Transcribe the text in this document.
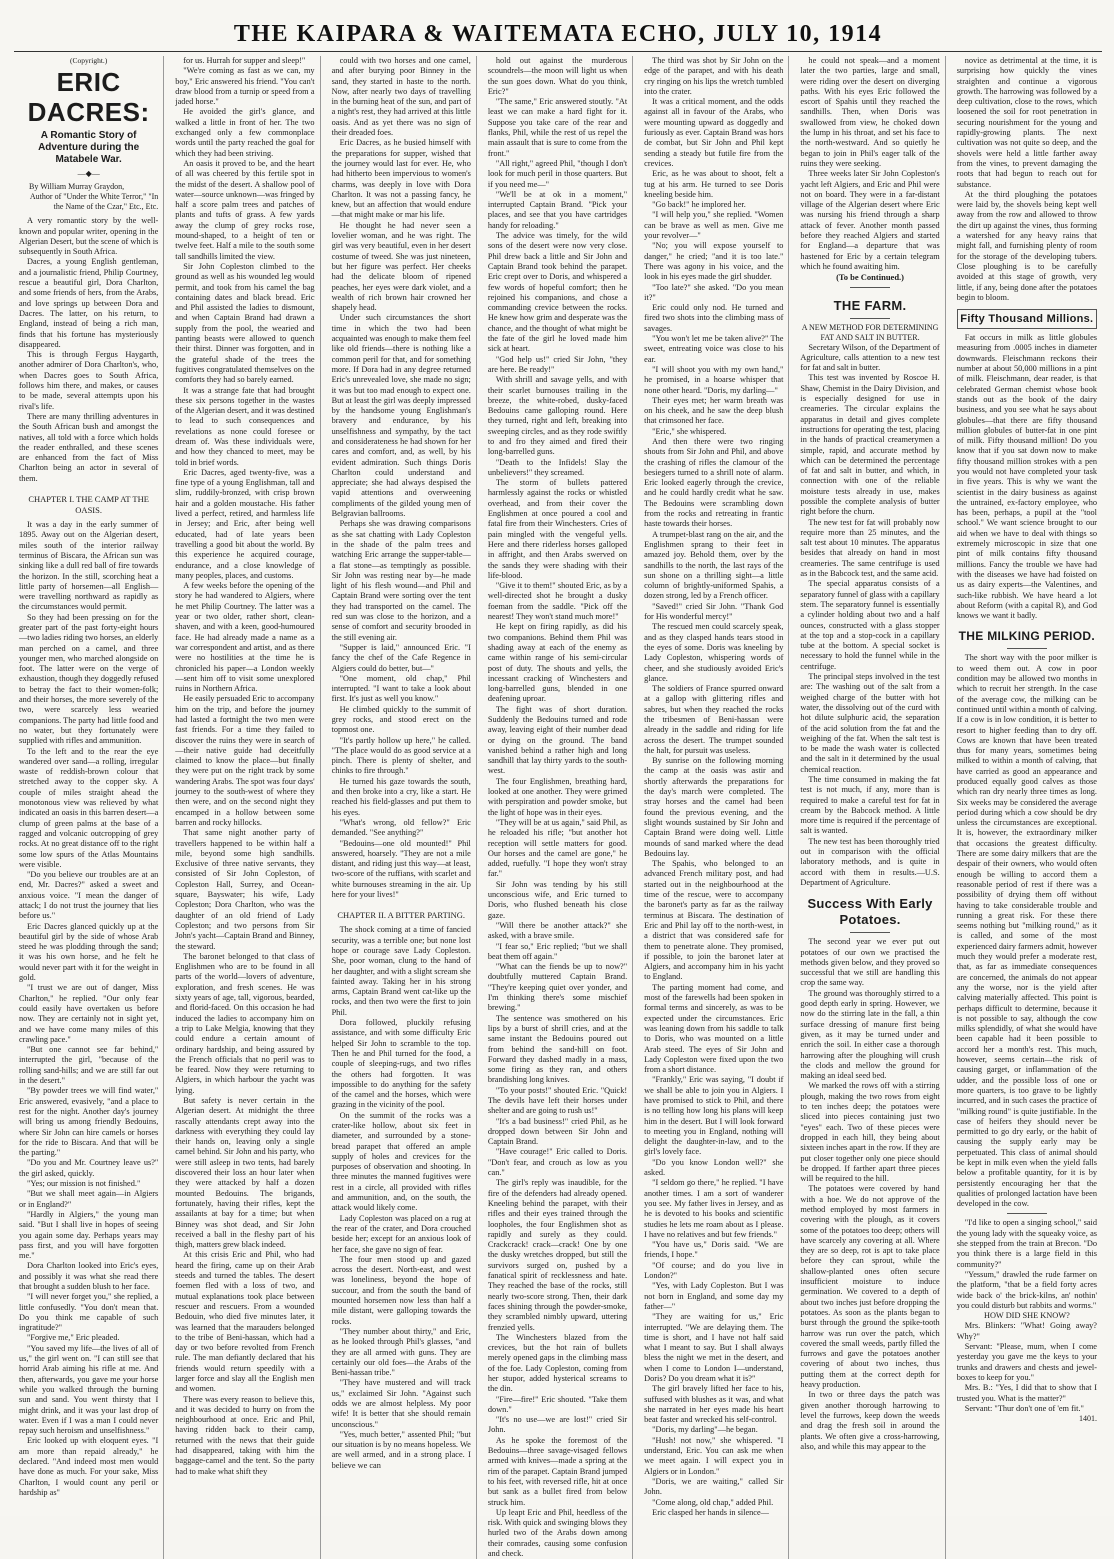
THE KAIPARA & WAITEMATA ECHO, JULY 10, 1914

(Copyright.)

ERIC DACRES:
A Romantic Story of Adventure during the Matabele War.
―◆―
By William Murray Graydon,
Author of "Under the White Terror," "In the Name of the Czar," Etc., Etc.

A very romantic story by the well-known and popular writer, opening in the Algerian Desert, but the scene of which is subsequently in South Africa.

Dacres, a young English gentleman, and a journalistic friend, Philip Courtney, rescue a beautiful girl, Dora Charlton, and some friends of hers, from the Arabs, and love springs up between Dora and Dacres. The latter, on his return, to England, instead of being a rich man, finds that his fortune has mysteriously disappeared.

This is through Fergus Haygarth, another admirer of Dora Charlton's, who, when Dacres goes to South Africa, follows him there, and makes, or causes to be made, several attempts upon his rival's life.

There are many thrilling adventures in the South African bush and amongst the natives, all told with a force which holds the reader enthralled, and these scenes are enhanced from the fact of Miss Charlton being an actor in several of them.

CHAPTER I. THE CAMP AT THE OASIS.

It was a day in the early summer of 1895. Away out on the Algerian desert, miles south of the interior railway terminus of Biscara, the African sun was sinking like a dull red ball of fire towards the horizon. In the still, scorching heat a little party of horsemen—all English—were travelling northward as rapidly as the circumstances would permit.

So they had been pressing on for the greater part of the past forty-eight hours—two ladies riding two horses, an elderly man perched on a camel, and three younger men, who marched alongside on foot. The latter were on the verge of exhaustion, though they doggedly refused to betray the fact to their women-folk; and their horses, the more severely of the two, were scarcely less wearied companions. The party had little food and no water, but they fortunately were supplied with rifles and ammunition.

To the left and to the rear the eye wandered over sand—a rolling, irregular waste of reddish-brown colour that stretched away to the copper sky. A couple of miles straight ahead the monotonous view was relieved by what indicated an oasis in this barren desert—a clump of green palms at the base of a ragged and volcanic outcropping of grey rocks. At no great distance off to the right some low spurs of the Atlas Mountains were visible.

"Do you believe our troubles are at an end, Mr. Dacres?" asked a sweet and anxious voice. "I mean the danger of attack; I do not trust the journey that lies before us."

Eric Dacres glanced quickly up at the beautiful girl by the side of whose Arab steed he was plodding through the sand; it was his own horse, and he felt he would never part with it for the weight in gold.

"I trust we are out of danger, Miss Charlton," he replied. "Our only fear could easily have overtaken us before now. They are certainly not in sight yet, and we have come many miles of this crawling pace."

"But one cannot see far behind," interrupted the girl, "because of the rolling sand-hills; and we are still far out in the desert."

"By powder trees we will find water," Eric answered, evasively, "and a place to rest for the night. Another day's journey will bring us among friendly Bedouins, where Sir John can hire camels or horses for the ride to Biscara. And that will be the parting."

"Do you and Mr. Courtney leave us?" the girl asked, quickly.

"Yes; our mission is not finished."

"But we shall meet again—in Algiers or in England?"

"Hardly in Algiers," the young man said. "But I shall live in hopes of seeing you again some day. Perhaps years may pass first, and you will have forgotten me."

Dora Charlton looked into Eric's eyes, and possibly it was what she read there that brought a sudden blush to her face.

"I will never forget you," she replied, a little confusedly. "You don't mean that. Do you think me capable of such ingratitude?"

"Forgive me," Eric pleaded.

"You saved my life—the lives of all of us," the girl went on. "I can still see that horrid Arab aiming his rifle at me. And then, afterwards, you gave me your horse while you walked through the burning sun and sand. You went thirsty that I might drink, and it was your last drop of water. Even if I was a man I could never repay such heroism and unselfishness."

Eric looked up with eloquent eyes. "I am more than repaid already," he declared. "And indeed most men would have done as much. For your sake, Miss Charlton, I would count any peril or hardship as"

for us. Hurrah for supper and sleep!"

"We're coming as fast as we can, my boy," Eric answered his friend. "You can't draw blood from a turnip or speed from a jaded horse."

He avoided the girl's glance, and walked a little in front of her. The two exchanged only a few commonplace words until the party reached the goal for which they had been striving.

An oasis it proved to be, and the heart of all was cheered by this fertile spot in the midst of the desert. A shallow pool of water—source unknown—was fringed by half a score palm trees and patches of plants and tufts of grass. A few yards away the clump of grey rocks rose, mound-shaped, to a height of ten or twelve feet. Half a mile to the south some tall sandhills limited the view.

Sir John Copleston climbed to the ground as well as his wounded leg would permit, and took from his camel the bag containing dates and black bread. Eric and Phil assisted the ladies to dismount, and when Captain Brand had drawn a supply from the pool, the wearied and panting beasts were allowed to quench their thirst. Dinner was forgotten, and in the grateful shade of the trees the fugitives congratulated themselves on the comforts they had so barely earned.

It was a strange fate that had brought these six persons together in the wastes of the Algerian desert, and it was destined to lead to such consequences and revelations as none could foresee or dream of. Was these individuals were, and how they chanced to meet, may be told in brief words.

Eric Dacres, aged twenty-five, was a fine type of a young Englishman, tall and slim, ruddily-bronzed, with crisp brown hair and a golden moustache. His father lived a perfect, retired, and harmless life in Jersey; and Eric, after being well educated, had of late years been travelling a good bit about the world. By this experience he acquired courage, endurance, and a close knowledge of many peoples, places, and customs.

A few weeks before the opening of the story he had wandered to Algiers, where he met Philip Courtney. The latter was a year or two older, rather short, clean-shaven, and with a keen, good-humoured face. He had already made a name as a war correspondent and artist, and as there were no hostilities at the time he is chronicled his paper—a London weekly—sent him off to visit some unexplored ruins in Northern Africa.

He easily persuaded Eric to accompany him on the trip, and before the journey had lasted a fortnight the two men were fast friends. For a time they failed to discover the ruins they were in search of—their native guide had deceitfully claimed to know the place—but finally they were put on the right track by some wandering Arabs. The spot was four days' journey to the south-west of where they then were, and on the second night they encamped in a hollow between some barren and rocky hillocks.

That same night another party of travellers happened to be within half a mile, beyond some high sandhills. Exclusive of three native servants, they consisted of Sir John Copleston, of Copleston Hall, Surrey, and Ocean-square, Bayswater; his wife, Lady Copleston; Dora Charlton, who was the daughter of an old friend of Lady Copleston; and two persons from Sir John's yacht—Captain Brand and Binney, the steward.

The baronet belonged to that class of Englishmen who are to be found in all parts of the world—lovers of adventure, exploration, and fresh scenes. He was sixty years of age, tall, vigorous, bearded, and florid-faced. On this occasion he had induced the ladies to accompany him on a trip to Lake Melgia, knowing that they could endure a certain amount of ordinary hardship, and being assured by the French officials that no peril was to be feared. Now they were returning to Algiers, in which harbour the yacht was lying.

But safety is never certain in the Algerian desert. At midnight the three rascally attendants crept away into the darkness with everything they could lay their hands on, leaving only a single camel behind. Sir John and his party, who were still asleep in two tents, had barely discovered their loss an hour later when they were attacked by half a dozen mounted Bedouins. The brigands, fortunately, having their rifles, kept the assailants at bay for a time; but when Binney was shot dead, and Sir John received a ball in the fleshy part of his thigh, matters grew black indeed.

At this crisis Eric and Phil, who had heard the firing, came up on their Arab steeds and turned the tables. The desert foemen fled with a loss of two, and mutual explanations took place between rescuer and rescuers. From a wounded Bedouin, who died five minutes later, it was learned that the marauders belonged to the tribe of Beni-hassan, which had a day or two before revolted from French rule. The man defiantly declared that his friends would return speedily with a larger force and slay all the English men and women.

There was every reason to believe this, and it was decided to hurry on from the neighbourhood at once. Eric and Phil, having ridden back to their camp, returned with the news that their guide had disappeared, taking with him the baggage-camel and the tent. So the party had to make what shift they

could with two horses and one camel, and after burying poor Binney in the sand, they started in haste to the north. Now, after nearly two days of travelling in the burning heat of the sun, and part of a night's rest, they had arrived at this little oasis. And as yet there was no sign of their dreaded foes.

Eric Dacres, as he busied himself with the preparations for supper, wished that the journey would last for ever. He, who had hitherto been impervious to women's charms, was deeply in love with Dora Charlton. It was not a passing fancy, he knew, but an affection that would endure—that might make or mar his life.

He thought he had never seen a lovelier woman, and he was right. The girl was very beautiful, even in her desert costume of tweed. She was just nineteen, but her figure was perfect. Her cheeks had the delicate bloom of ripened peaches, her eyes were dark violet, and a wealth of rich brown hair crowned her shapely head.

Under such circumstances the short time in which the two had been acquainted was enough to make them feel like old friends—there is nothing like a common peril for that, and for something more. If Dora had in any degree returned Eric's unrevealed love, she made no sign; it was but too mad enough to expect one. But at least the girl was deeply impressed by the handsome young Englishman's bravery and endurance, by his unselfishness and sympathy, by the tact and considerateness he had shown for her cares and comfort, and, as well, by his evident admiration. Such things Doris Charlton could understand and appreciate; she had always despised the vapid attentions and overweening compliments of the gilded young men of Belgravian ballrooms.

Perhaps she was drawing comparisons as she sat chatting with Lady Copleston in the shade of the palm trees and watching Eric arrange the supper-table—a flat stone—as temptingly as possible. Sir John was resting near by—he made light of his flesh wound—and Phil and Captain Brand were sorting over the tent they had transported on the camel. The red sun was close to the horizon, and a sense of comfort and security brooded in the still evening air.

"Supper is laid," announced Eric. "I fancy the chef of the Cafe Regence in Algiers could do better, but—"

"One moment, old chap," Phil interrupted. "I want to take a look about first. It's just as well you know."

He climbed quickly to the summit of grey rocks, and stood erect on the topmost one.

"It's partly hollow up here," he called. "The place would do as good service at a pinch. There is plenty of shelter, and chinks to fire through."

He turned his gaze towards the south, and then broke into a cry, like a start. He reached his field-glasses and put them to his eyes.

"What's wrong, old fellow?" Eric demanded. "See anything?"

"Bedouins—one old mounted!" Phil answered, hoarsely. "They are not a mile distant, and riding just this way—at least, two-score of the ruffians, with scarlet and white burnouses streaming in the air. Up here for your lives!"

CHAPTER II. A BITTER PARTING.

The shock coming at a time of fancied security, was a terrible one; but none lost hope or courage save Lady Copleston. She, poor woman, clung to the hand of her daughter, and with a slight scream she fainted away. Taking her in his strong arms, Captain Brand went cat-like up the rocks, and then two were the first to join Phil.

Dora followed, pluckily refusing assistance, and with some difficulty Eric helped Sir John to scramble to the top. Then he and Phil turned for the food, a couple of sleeping-rugs, and two rifles the others had forgotten. It was impossible to do anything for the safety of the camel and the horses, which were grazing in the vicinity of the pool.

On the summit of the rocks was a crater-like hollow, about six feet in diameter, and surrounded by a stone-bread parapet that offered an ample supply of holes and crevices for the purposes of observation and shooting. In three minutes the manned fugitives were rest in a circle, all provided with rifles and ammunition, and, on the south, the attack would likely come.

Lady Copleston was placed on a rug at the rear of the crater, and Dora crouched beside her; except for an anxious look of her face, she gave no sign of fear.

The four men stood up and gazed across the desert. North-east, and west was loneliness, beyond the hope of succour, and from the south the band of mounted horsemen now less than half a mile distant, were galloping towards the rocks.

"They number about thirty," and Eric, as he looked through Phil's glasses, "and they are all armed with guns. They are certainly our old foes—the Arabs of the Beni-hassan tribe."

"They have mustered and will track us," exclaimed Sir John. "Against such odds we are almost helpless. My poor wife! It is better that she should remain unconscious."

"Yes, much better," assented Phil; "but our situation is by no means hopeless. We are well armed, and in a strong place. I believe we can

hold out against the murderous scoundrels—the moon will light us when the sun goes down. What do you think, Eric?"

"The same," Eric answered stoutly. "At least we can make a hard fight for it. Suppose you take care of the rear and flanks, Phil, while the rest of us repel the main assault that is sure to come from the front."

"All right," agreed Phil, "though I don't look for much peril in those quarters. But if you need me—"

"We'll be at ok in a moment," interrupted Captain Brand. "Pick your places, and see that you have cartridges handy for reloading."

The advice was timely, for the wild sons of the desert were now very close. Phil drew back a little and Sir John and Captain Brand took behind the parapet. Eric crept over to Doris, and whispered a few words of hopeful comfort; then he rejoined his companions, and chose a commanding crevice between the rocks. He knew how grim and desperate was the chance, and the thought of what might be the fate of the girl he loved made him sick at heart.

"God help us!" cried Sir John, "they are here. Be ready!"

With shrill and savage yells, and with their scarlet burnouses trailing in the breeze, the white-robed, dusky-faced Bedouins came galloping round. Here they turned, right and left, breaking into sweeping circles, and as they rode swiftly to and fro they aimed and fired their long-barrelled guns.

"Death to the Infidels! Slay the unbelievers!" they screamed.

The storm of bullets pattered harmlessly against the rocks or whistled overhead, and from their cover the Englishmen at once poured a cool and fatal fire from their Winchesters. Cries of pain mingled with the vengeful yells. Here and there riderless horses galloped in affright, and then Arabs swerved on the sands they were shading with their life-blood.

"Give it to them!" shouted Eric, as by a well-directed shot he brought a dusky foeman from the saddle. "Pick off the nearest! They won't stand much more!"

He kept on firing rapidly, as did his two companions. Behind them Phil was shading away at each of the enemy as came within range of his semi-circular post of duty. The shouts and yells, the incessant cracking of Winchesters and long-barrelled guns, blended in one deafening uproar.

The fight was of short duration. Suddenly the Bedouins turned and rode away, leaving eight of their number dead or dying on the ground. The band vanished behind a rather high and long sandhill that lay thirty yards to the south-west.

The four Englishmen, breathing hard, looked at one another. They were grimed with perspiration and powder smoke, but the light of hope was in their eyes.

"They will be at us again," said Phil, as he reloaded his rifle; "but another hot reception will settle matters for good. Our horses and the camel are gone," he added, ruefully. "I hope they won't stray far."

Sir John was tending by his still unconscious wife, and Eric turned to Doris, who flushed beneath his close gaze.

"Will there be another attack?" she asked, with a brave smile.

"I fear so," Eric replied; "but we shall beat them off again."

"What can the fiends be up to now?" doubtfully muttered Captain Brand. "They're keeping quiet over yonder, and I'm thinking there's some mischief brewing."

The sentence was smothered on his lips by a burst of shrill cries, and at the same instant the Bedouins poured out from behind the sand-hill on foot. Forward they dashed madly in a mass, some firing as they ran, and others brandishing long knives.

"To your posts!" shouted Eric. "Quick! The devils have left their horses under shelter and are going to rush us!"

"It's a bad business!" cried Phil, as he dropped down between Sir John and Captain Brand.

"Have courage!" Eric called to Doris. "Don't fear, and crouch as low as you can."

The girl's reply was inaudible, for the fire of the defenders had already opened. Kneeling behind the parapet, with their rifles and their eyes trained through the loopholes, the four Englishmen shot as rapidly and surely as they could. Crackcrack! crack—crack! One by one the dusky wretches dropped, but still the survivors surged on, pushed by a fanatical spirit of recklessness and hate. They reached the base of the rocks, still nearly two-score strong. Then, their dark faces shining through the powder-smoke, they scrambled nimbly upward, uttering frenzied yells.

The Winchesters blazed from the crevices, but the hot rain of bullets merely opened gaps in the climbing mass of the foe. Lady Copleston, coming from her stupor, added hysterical screams to the din.

"Fire—fire!" Eric shouted. "Take them down."

"It's no use—we are lost!" cried Sir John.

As he spoke the foremost of the Bedouins—three savage-visaged fellows armed with knives—made a spring at the rim of the parapet. Captain Brand jumped to his feet, with reversed rifle, hit at once but sank as a bullet fired from below struck him.

Up leapt Eric and Phil, heedless of the risk. With quick and swinging blows they hurled two of the Arabs down among their comrades, causing some confusion and check.

The third was shot by Sir John on the edge of the parapet, and with his death cry ringing on his lips the wretch tumbled into the crater.

It was a critical moment, and the odds against all in favour of the Arabs, who were mounting upward as doggedly and furiously as ever. Captain Brand was hors de combat, but Sir John and Phil kept sending a steady but futile fire from the crevices.

Eric, as he was about to shoot, felt a tug at his arm. He turned to see Doris kneeling beside him.

"Go back!" he implored her.

"I will help you," she replied. "Women can be brave as well as men. Give me your revolver—"

"No; you will expose yourself to danger," he cried; "and it is too late." There was agony in his voice, and the look in his eyes made the girl shudder.

"Too late?" she asked. "Do you mean it?"

Eric could only nod. He turned and fired two shots into the climbing mass of savages.

"You won't let me be taken alive?" The sweet, entreating voice was close to his ear.

"I will shoot you with my own hand," he promised, in a hoarse whisper that none other heard. "Doris, my darling—"

Their eyes met; her warm breath was on his cheek, and he saw the deep blush that crimsoned her face.

"Eric," she whispered.

And then there were two ringing shouts from Sir John and Phil, and above the crashing of rifles the clamour of the besiegers turned to a shrill note of alarm. Eric looked eagerly through the crevice, and he could hardly credit what he saw. The Bedouins were scrambling down from the rocks and retreating in frantic haste towards their horses.

A trumpet-blast rang on the air, and the Englishmen sprang to their feet in amazed joy. Behold them, over by the sandhills to the north, the last rays of the sun shone on a thrilling sight—a little column of brightly-uniformed Spahis, a dozen strong, led by a French officer.

"Saved!" cried Sir John. "Thank God for His wonderful mercy!"

The rescued men could scarcely speak, and as they clasped hands tears stood in the eyes of some. Doris was kneeling by Lady Copleston, whispering words of cheer, and she studiously avoided Eric's glance.

The soldiers of France spurred onward at a gallop with glittering rifles and sabres, but when they reached the rocks the tribesmen of Beni-hassan were already in the saddle and riding for life across the desert. The trumpet sounded the halt, for pursuit was useless.

By sunrise on the following morning the camp at the oasis was astir and shortly afterwards the preparations for the day's march were completed. The stray horses and the camel had been found the previous evening, and the slight wounds sustained by Sir John and Captain Brand were doing well. Little mounds of sand marked where the dead Bedouins lay.

The Spahis, who belonged to an advanced French military post, and had started out in the neighbourhood at the time of the rescue, were to accompany the baronet's party as far as the railway terminus at Biscara. The destination of Eric and Phil lay off to the north-west, in a district that was considered safe for them to penetrate alone. They promised, if possible, to join the baronet later at Algiers, and accompany him in his yacht to England.

The parting moment had come, and most of the farewells had been spoken in formal terms and sincerely, as was to be expected under the circumstances. Eric was leaning down from his saddle to talk to Doris, who was mounted on a little Arab steed. The eyes of Sir John and Lady Copleston were fixed upon the two from a short distance.

"Frankly," Eric was saying, "I doubt if we shall be able to join you in Algiers. I have promised to stick to Phil, and there is no telling how long his plans will keep him in the desert. But I will look forward to meeting you in England, nothing will delight the daughter-in-law, and to the girl's lovely face.

"Do you know London well?" she asked.

"I seldom go there," he replied. "I have another times. I am a sort of wanderer you see. My father lives in Jersey, and as he is devoted to his books and scientific studies he lets me roam about as I please. I have no relatives and but few friends."

"You have us," Doris said. "We are friends, I hope."

"Of course; and do you live in London?"

"Yes, with Lady Copleston. But I was not born in England, and some day my father—"

"They are waiting for us," Eric interrupted. "We are delaying them. The time is short, and I have not half said what I meant to say. But I shall always bless the night we met in the desert, and when I come to London I—understand, Doris? Do you dream what it is?"

The girl bravely lifted her face to his, suffused with blushes as it was, and what she narrated in her eyes made his heart beat faster and wrecked his self-control.

"Doris, my darling"—he began.

"Hush! not now," she whispered. "I understand, Eric. You can ask me when we meet again. I will expect you in Algiers or in London."

"Doris, we are waiting," called Sir John.

"Come along, old chap," added Phil.

Eric clasped her hands in silence—

he could not speak—and a moment later the two parties, large and small, were riding over the desert on diverging paths. With his eyes Eric followed the escort of Spahis until they reached the sandhills. Then, when Doris was swallowed from view, he choked down the lump in his throat, and set his face to the north-westward. And so quietly he began to join in Phil's eager talk of the ruins they were seeking.

Three weeks later Sir John Copleston's yacht left Algiers, and Eric and Phil were not on board. They were in a far-distant village of the Algerian desert where Eric was nursing his friend through a sharp attack of fever. Another month passed before they reached Algiers and started for England—a departure that was hastened for Eric by a certain telegram which he found awaiting him.

(To be Continued.)

THE FARM.

A NEW METHOD FOR DETERMINING FAT AND SALT IN BUTTER.

Secretary Wilson, of the Department of Agriculture, calls attention to a new test for fat and salt in butter.

This test was invented by Roscoe H. Shaw, Chemist in the Dairy Division, and is especially designed for use in creameries. The circular explains the apparatus in detail and gives complete instructions for operating the test, placing in the hands of practical creamerymen a simple, rapid, and accurate method by which can be determined the percentage of fat and salt in butter, and which, in connection with one of the reliable moisture tests already in use, makes possible the complete analysis of butter right before the churn.

The new test for fat will probably now require more than 25 minutes, and the salt test about 10 minutes. The apparatus besides that already on hand in most creameries. The same centrifuge is used as in the Babcock test, and the same acid.

The special apparatus consists of a separatory funnel of glass with a capillary stem. The separatory funnel is essentially a cylinder holding about two and a half ounces, constructed with a glass stopper at the top and a stop-cock in a capillary tube at the bottom. A special socket is necessary to hold the funnel while in the centrifuge.

The principal steps involved in the test are: The washing out of the salt from a weighed charge of the butter with hot water, the dissolving out of the curd with hot dilute sulphuric acid, the separation of the acid solution from the fat and the weighing of the fat. When the salt test is to be made the wash water is collected and the salt in it determined by the usual chemical reaction.

The time consumed in making the fat test is not much, if any, more than is required to make a careful test for fat in cream by the Babcock method. A little more time is required if the percentage of salt is wanted.

The new test has been thoroughly tried out in comparison with the official laboratory methods, and is quite in accord with them in results.—U.S. Department of Agriculture.

Success With Early Potatoes.

The second year we ever put out potatoes of our own we practised the methods given below, and they proved so successful that we still are handling this crop the same way.

The ground was thoroughly stirred to a good depth early in spring. However, we now do the stirring late in the fall, a thin surface dressing of manure first being given, as it may be turned under and enrich the soil. In either case a thorough harrowing after the ploughing will crush the clods and mellow the ground for making an ideal seed bed.

We marked the rows off with a stirring plough, making the two rows from eight to ten inches deep; the potatoes were sliced into pieces containing just two "eyes" each. Two of these pieces were dropped in each hill, they being about sixteen inches apart in the row. If they are put closer together only one piece should be dropped. If farther apart three pieces will be required to the hill.

The potatoes were covered by hand with a hoe. We do not approve of the method employed by most farmers in covering with the plough, as it covers some of the potatoes too deep; others will have scarcely any covering at all. Where they are so deep, rot is apt to take place before they can sprout, while the shallow-planted ones often secure insufficient moisture to induce germination. We covered to a depth of about two inches just before dropping the potatoes. As soon as the plants began to burst through the ground the spike-tooth harrow was run over the patch, which covered the small weeds, partly filled the furrows and gave the potatoes another covering of about two inches, thus putting them at the correct depth for heavy production.

In two or three days the patch was given another thorough harrowing to level the furrows, keep down the weeds and drag the fresh soil in around the plants. We often give a cross-harrowing, also, and while this may appear to the

novice as detrimental at the time, it is surprising how quickly the vines straighten and continue a vigorous growth. The harrowing was followed by a deep cultivation, close to the rows, which loosened the soil for root penetration in securing nourishment for the young and rapidly-growing plants. The next cultivation was not quite so deep, and the shovels were held a little farther away from the vines, to prevent damaging the roots that had begun to reach out for substance.

At the third ploughing the potatoes were laid by, the shovels being kept well away from the row and allowed to throw the dirt up against the vines, thus forming a watershed for any heavy rains that might fall, and furnishing plenty of room for the storage of the developing tubers. Close ploughing is to be carefully avoided at this stage of growth, very little, if any, being done after the potatoes begin to bloom.

Fifty Thousand Millions.

Fat occurs in milk as little globules measuring from .0005 inches in diameter downwards. Fleischmann reckons their number at about 50,000 millions in a pint of milk. Fleischmann, dear reader, is that celebrated German chemist whose book stands out as the book of the dairy business, and you see what he says about globules—that there are fifty thousand million globules of butter-fat in one pint of milk. Fifty thousand million! Do you know that if you sat down now to make fifty thousand million strokes with a pen you would not have completed your task in five years. This is why we want the scientist in the dairy business as against the untrained, ex-factory employee, who has been, perhaps, a pupil at the "tool school." We want science brought to our aid when we have to deal with things so extremely microscopic in size that one pint of milk contains fifty thousand millions. Fancy the trouble we have had with the diseases we have had foisted on us as dairy experts—the Valentines, and such-like rubbish. We have heard a lot about Reform (with a capital R), and God knows we want it badly.

THE MILKING PERIOD.

The short way with the poor milker is to weed them out. A cow in poor condition may be allowed two months in which to recruit her strength. In the case of the average cow, the milking can be continued until within a month of calving. If a cow is in low condition, it is better to resort to higher feeding than to dry off. Cows are known that have been treated thus for many years, sometimes being milked to within a month of calving, that have carried as good an appearance and produced equally good calves as those which ran dry nearly three times as long. Six weeks may be considered the average period during which a cow should be dry unless the circumstances are exceptional. It is, however, the extraordinary milker that occasions the greatest difficulty. There are some dairy milkers that are the despair of their owners, who would often enough be willing to accord them a reasonable period of rest if there was a possibility of drying them off without having to take considerable trouble and running a great risk. For these there seems nothing but "milking round," as it is called, and some of the most experienced dairy farmers admit, however much they would prefer a moderate rest, that, as far as immediate consequences are concerned, the animals do not appear any the worse, nor is the yield after calving materially affected. This point is perhaps difficult to determine, because it is not possible to say, although the cow milks splendidly, of what she would have been capable had it been possible to accord her a month's rest. This much, however, seems certain—the risk of causing garget, or inflammation of the udder, and the possible loss of one or more quarters, is too grave to be lightly incurred, and in such cases the practice of "milking round" is quite justifiable. In the case of heifers they should never be permitted to go dry early, or the habit of causing the supply early may be perpetuated. This class of animal should be kept in milk even when the yield falls below a profitable quantity, for it is by persistently encouraging her that the qualities of prolonged lactation have been developed in the cow.

"I'd like to open a singing school," said the young lady with the squeaky voice, as she stepped from the train at Brecon. "Do you think there is a large field in this community?"

"Yessum," drawled the rude farmer on the platform, "that be a field forty acres wide back o' the brick-kilns, an' nothin' you could disturb but rabbits and worms."

HOW DID SHE KNOW?

Mrs. Blinkers: "What! Going away? Why?"

Servant: "Please, mum, when I come yesterday you gave me the keys to your trunks and drawers and chests and jewel-boxes to keep for you."

Mrs. B.: "Yes, I did that to show that I trusted you. What is the matter?"

Servant: "Thur don't one of 'em fit."

1401.
